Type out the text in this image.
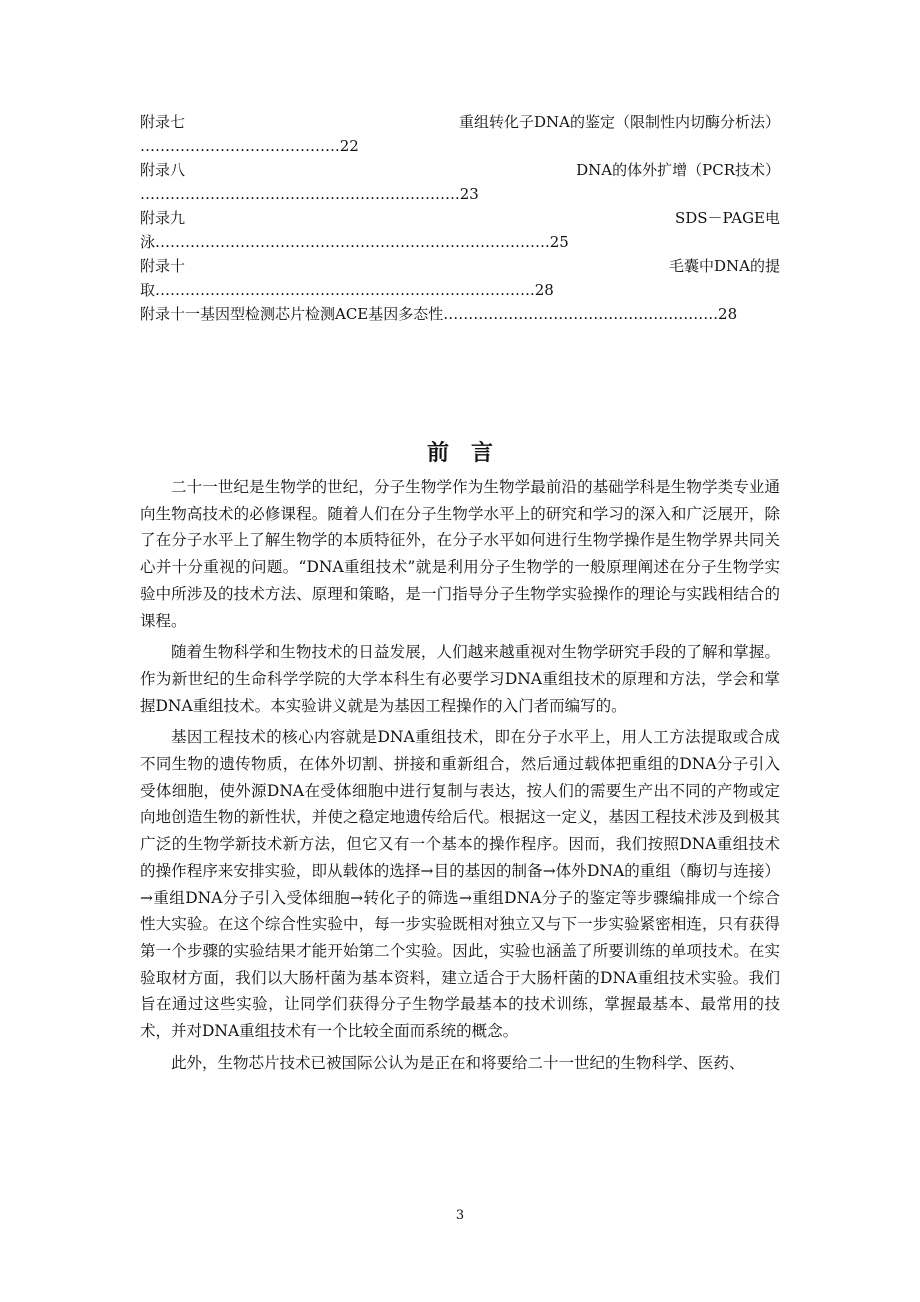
附录七	重组转化子DNA的鉴定（限制性内切酶分析法）
………………………………….22
附录八	DNA的体外扩增（PCR技术）
……………………………………………………….23
附录九	SDS－PAGE电
泳…………………………………………………………………….25
附录十	毛囊中DNA的提
取………………………………………………………………….28
附录十一基因型检测芯片检测ACE基因多态性……………………………………………….28
前言

二十一世纪是生物学的世纪，分子生物学作为生物学最前沿的基础学科是生物学类专业通向生物高技术的必修课程。随着人们在分子生物学水平上的研究和学习的深入和广泛展开，除了在分子水平上了解生物学的本质特征外，在分子水平如何进行生物学操作是生物学界共同关心并十分重视的问题。“DNA重组技术”就是利用分子生物学的一般原理阐述在分子生物学实验中所涉及的技术方法、原理和策略，是一门指导分子生物学实验操作的理论与实践相结合的课程。

随着生物科学和生物技术的日益发展，人们越来越重视对生物学研究手段的了解和掌握。作为新世纪的生命科学学院的大学本科生有必要学习DNA重组技术的原理和方法，学会和掌握DNA重组技术。本实验讲义就是为基因工程操作的入门者而编写的。

基因工程技术的核心内容就是DNA重组技术，即在分子水平上，用人工方法提取或合成不同生物的遗传物质，在体外切割、拼接和重新组合，然后通过载体把重组的DNA分子引入受体细胞，使外源DNA在受体细胞中进行复制与表达，按人们的需要生产出不同的产物或定向地创造生物的新性状，并使之稳定地遗传给后代。根据这一定义，基因工程技术涉及到极其广泛的生物学新技术新方法，但它又有一个基本的操作程序。因而，我们按照DNA重组技术的操作程序来安排实验，即从载体的选择→目的基因的制备→体外DNA的重组（酶切与连接）→重组DNA分子引入受体细胞→转化子的筛选→重组DNA分子的鉴定等步骤编排成一个综合性大实验。在这个综合性实验中，每一步实验既相对独立又与下一步实验紧密相连，只有获得第一个步骤的实验结果才能开始第二个实验。因此，实验也涵盖了所要训练的单项技术。在实验取材方面，我们以大肠杆菌为基本资料，建立适合于大肠杆菌的DNA重组技术实验。我们旨在通过这些实验，让同学们获得分子生物学最基本的技术训练，掌握最基本、最常用的技术，并对DNA重组技术有一个比较全面而系统的概念。

此外，生物芯片技术已被国际公认为是正在和将要给二十一世纪的生物科学、医药、

3
